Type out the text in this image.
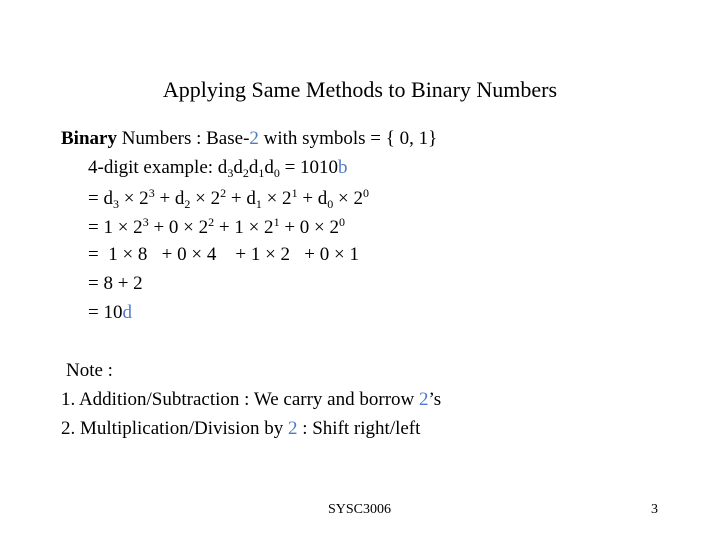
Applying Same Methods to Binary Numbers
Binary Numbers : Base-2 with symbols = { 0, 1}
4-digit example: $d_3d_2d_1d_0 = 1010b$
= $d_3 \times 2^3 + d_2 \times 2^2 + d_1 \times 2^1 + d_0 \times 2^0$
= $1 \times 2^3 + 0 \times 2^2 + 1 \times 2^1 + 0 \times 2^0$
=  1 × 8   + 0 × 4    + 1 × 2   + 0 × 1
= 8 + 2
= 10d
Note :
1. Addition/Subtraction : We carry and borrow 2’s
2. Multiplication/Division by 2 : Shift right/left
SYSC3006	3
